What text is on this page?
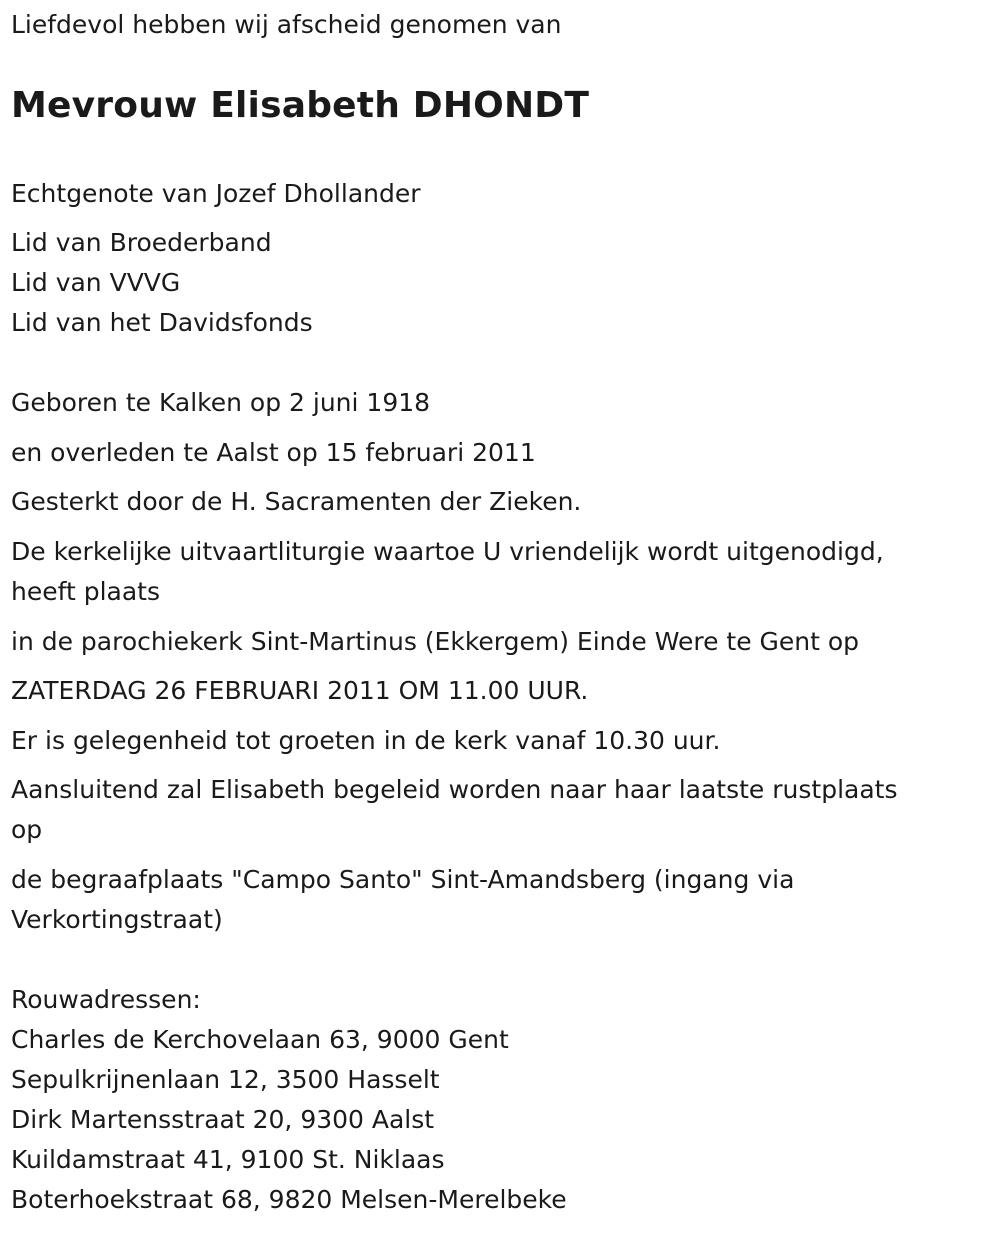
Liefdevol hebben wij afscheid genomen van
Mevrouw Elisabeth DHONDT
Echtgenote van Jozef Dhollander
Lid van Broederband
Lid van VVVG
Lid van het Davidsfonds
Geboren te Kalken op 2 juni 1918
en overleden te Aalst op 15 februari 2011
Gesterkt door de H. Sacramenten der Zieken.
De kerkelijke uitvaartliturgie waartoe U vriendelijk wordt uitgenodigd,
heeft plaats
in de parochiekerk Sint-Martinus (Ekkergem) Einde Were te Gent op
ZATERDAG 26 FEBRUARI 2011 OM 11.00 UUR.
Er is gelegenheid tot groeten in de kerk vanaf 10.30 uur.
Aansluitend zal Elisabeth begeleid worden naar haar laatste rustplaats
op
de begraafplaats "Campo Santo" Sint-Amandsberg (ingang via
Verkortingstraat)
Rouwadressen:
Charles de Kerchovelaan 63, 9000 Gent
Sepulkrijnenlaan 12, 3500 Hasselt
Dirk Martensstraat 20, 9300 Aalst
Kuildamstraat 41, 9100 St. Niklaas
Boterhoekstraat 68, 9820 Melsen-Merelbeke
